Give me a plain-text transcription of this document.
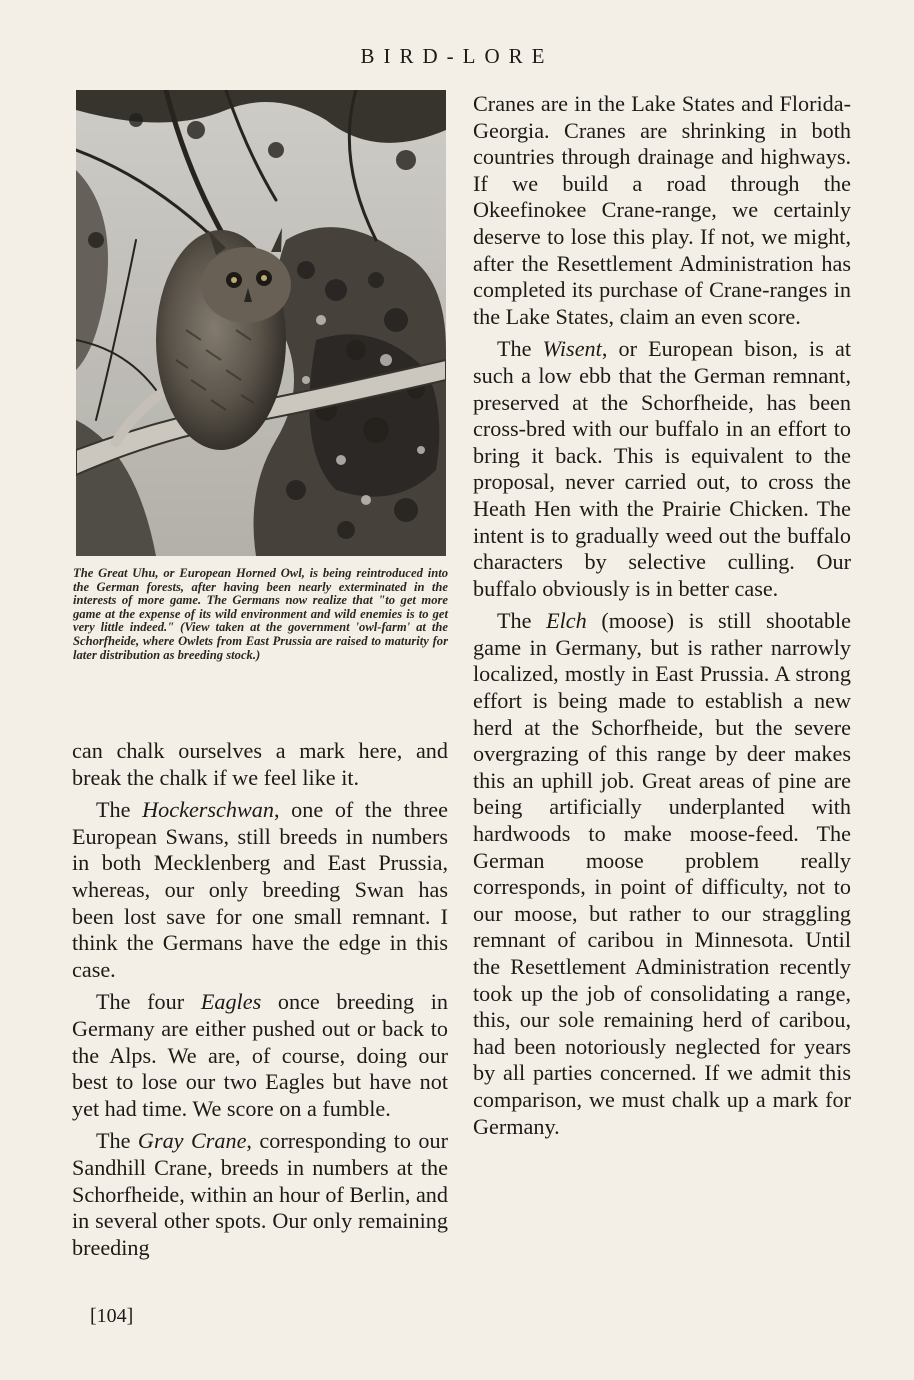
BIRD-LORE
The Great Uhu, or European Horned Owl, is being reintroduced into the German forests, after having been nearly exterminated in the interests of more game. The Germans now realize that "to get more game at the expense of its wild environment and wild enemies is to get very little indeed." (View taken at the government 'owl-farm' at the Schorfheide, where Owlets from East Prussia are raised to maturity for later distribution as breeding stock.)

can chalk ourselves a mark here, and break the chalk if we feel like it.

The Hockerschwan, one of the three European Swans, still breeds in numbers in both Mecklenberg and East Prussia, whereas, our only breeding Swan has been lost save for one small remnant. I think the Germans have the edge in this case.

The four Eagles once breeding in Germany are either pushed out or back to the Alps. We are, of course, doing our best to lose our two Eagles but have not yet had time. We score on a fumble.

The Gray Crane, corresponding to our Sandhill Crane, breeds in numbers at the Schorfheide, within an hour of Berlin, and in several other spots. Our only remaining breeding

Cranes are in the Lake States and Florida-Georgia. Cranes are shrinking in both countries through drainage and highways. If we build a road through the Okeefinokee Crane-range, we certainly deserve to lose this play. If not, we might, after the Resettlement Administration has completed its purchase of Crane-ranges in the Lake States, claim an even score.

The Wisent, or European bison, is at such a low ebb that the German remnant, preserved at the Schorfheide, has been cross-bred with our buffalo in an effort to bring it back. This is equivalent to the proposal, never carried out, to cross the Heath Hen with the Prairie Chicken. The intent is to gradually weed out the buffalo characters by selective culling. Our buffalo obviously is in better case.

The Elch (moose) is still shootable game in Germany, but is rather narrowly localized, mostly in East Prussia. A strong effort is being made to establish a new herd at the Schorfheide, but the severe overgrazing of this range by deer makes this an uphill job. Great areas of pine are being artificially underplanted with hardwoods to make moose-feed. The German moose problem really corresponds, in point of difficulty, not to our moose, but rather to our straggling remnant of caribou in Minnesota. Until the Resettlement Administration recently took up the job of consolidating a range, this, our sole remaining herd of caribou, had been notoriously neglected for years by all parties concerned. If we admit this comparison, we must chalk up a mark for Germany.

[104]
